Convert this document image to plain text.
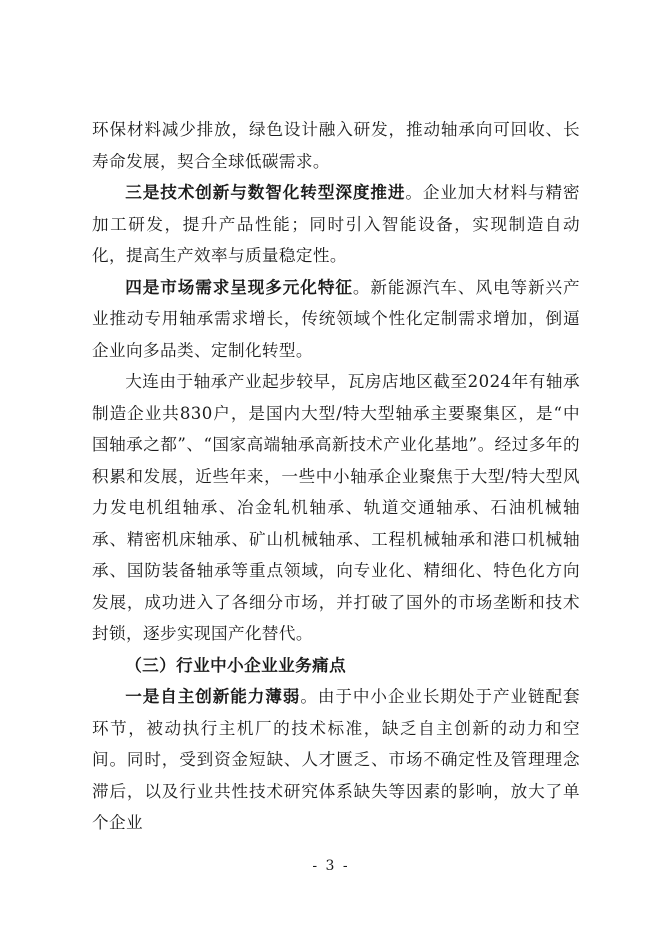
环保材料减少排放，绿色设计融入研发，推动轴承向可回收、长寿命发展，契合全球低碳需求。

三是技术创新与数智化转型深度推进。企业加大材料与精密加工研发，提升产品性能；同时引入智能设备，实现制造自动化，提高生产效率与质量稳定性。

四是市场需求呈现多元化特征。新能源汽车、风电等新兴产业推动专用轴承需求增长，传统领域个性化定制需求增加，倒逼企业向多品类、定制化转型。

大连由于轴承产业起步较早，瓦房店地区截至2024年有轴承制造企业共830户，是国内大型/特大型轴承主要聚集区，是“中国轴承之都”、“国家高端轴承高新技术产业化基地”。经过多年的积累和发展，近些年来，一些中小轴承企业聚焦于大型/特大型风力发电机组轴承、冶金轧机轴承、轨道交通轴承、石油机械轴承、精密机床轴承、矿山机械轴承、工程机械轴承和港口机械轴承、国防装备轴承等重点领域，向专业化、精细化、特色化方向发展，成功进入了各细分市场，并打破了国外的市场垄断和技术封锁，逐步实现国产化替代。

（三）行业中小企业业务痛点

一是自主创新能力薄弱。由于中小企业长期处于产业链配套环节，被动执行主机厂的技术标准，缺乏自主创新的动力和空间。同时，受到资金短缺、人才匮乏、市场不确定性及管理理念滞后，以及行业共性技术研究体系缺失等因素的影响，放大了单个企业

- 3 -
